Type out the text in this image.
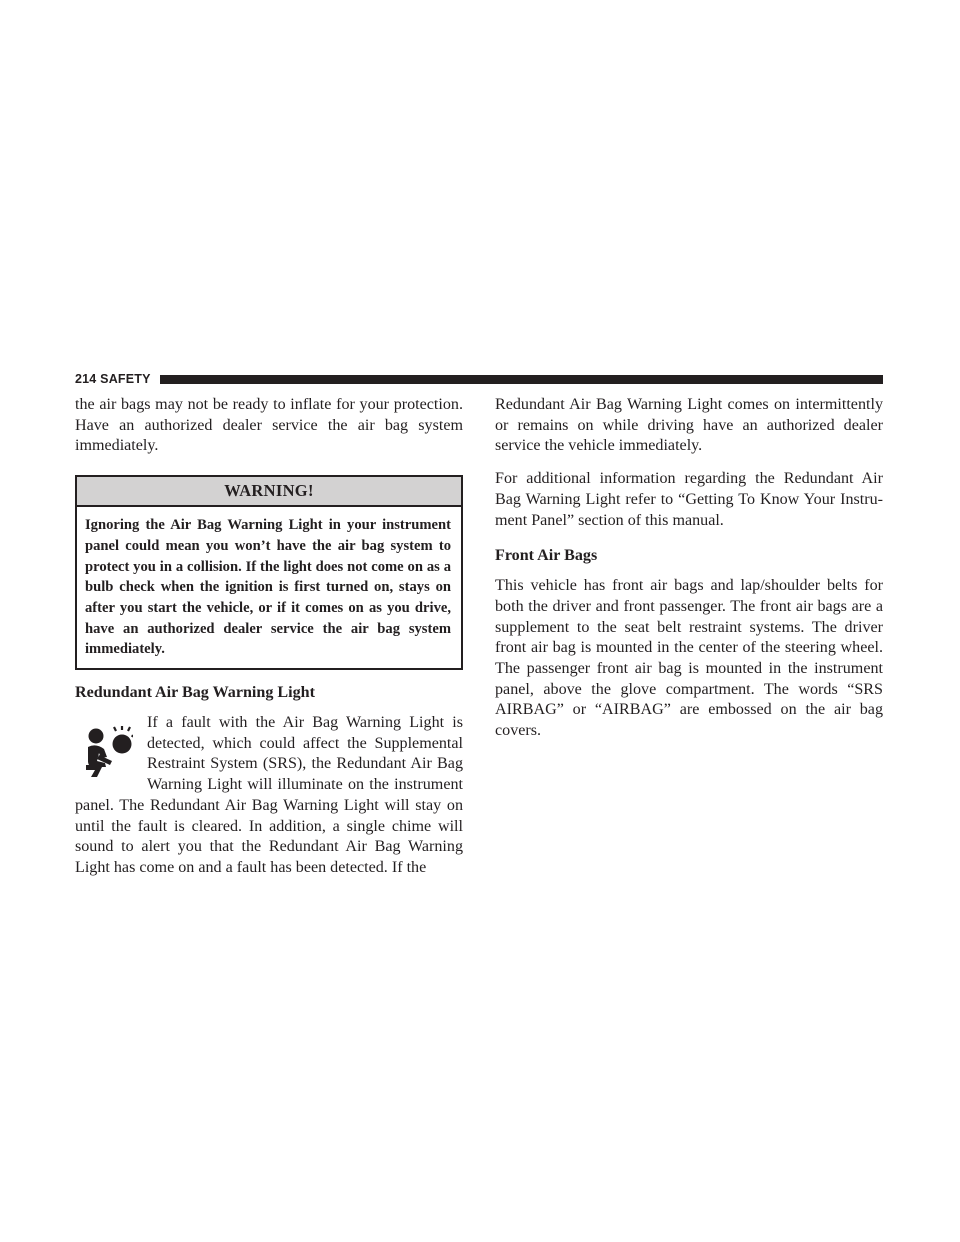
214 SAFETY

the air bags may not be ready to inflate for your protection. Have an authorized dealer service the air bag system immediately.

WARNING!
Ignoring the Air Bag Warning Light in your instrument panel could mean you won’t have the air bag system to protect you in a collision. If the light does not come on as a bulb check when the ignition is first turned on, stays on after you start the vehicle, or if it comes on as you drive, have an authorized dealer service the air bag system immediately.
Redundant Air Bag Warning Light

If a fault with the Air Bag Warning Light is detected, which could affect the Supplemental Restraint System (SRS), the Redundant Air Bag Warning Light will illuminate on the instrument panel. The Redundant Air Bag Warning Light will stay on until the fault is cleared. In addition, a single chime will sound to alert you that the Redundant Air Bag Warning Light has come on and a fault has been detected. If the

Redundant Air Bag Warning Light comes on intermittently or remains on while driving have an authorized dealer service the vehicle immediately.

For additional information regarding the Redundant Air Bag Warning Light refer to “Getting To Know Your Instrument Panel” section of this manual.

Front Air Bags

This vehicle has front air bags and lap/shoulder belts for both the driver and front passenger. The front air bags are a supplement to the seat belt restraint systems. The driver front air bag is mounted in the center of the steering wheel. The passenger front air bag is mounted in the instrument panel, above the glove compartment. The words “SRS AIRBAG” or “AIRBAG” are embossed on the air bag covers.
